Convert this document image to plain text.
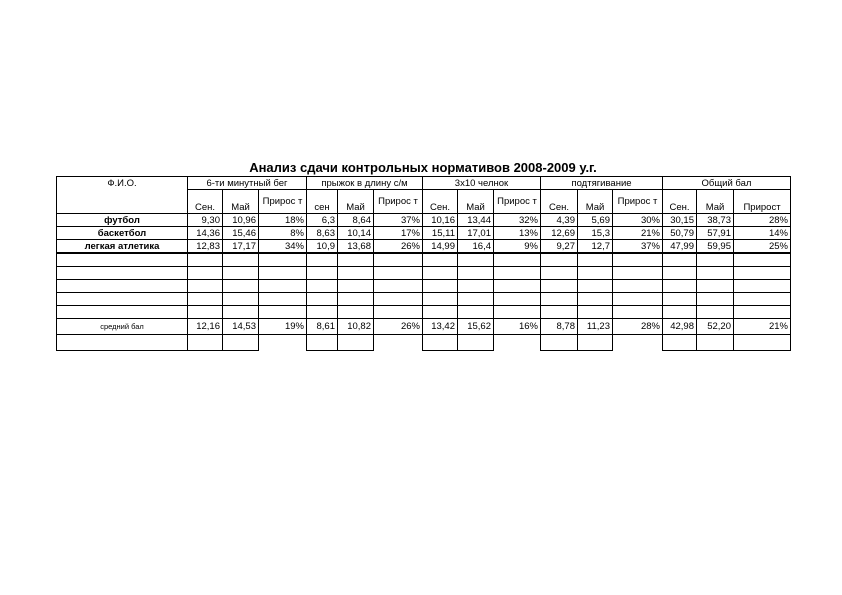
Анализ сдачи контрольных нормативов 2008-2009 у.г.
Ф.И.О.	6-ти минутный бег			прыжок в длину с/м			3х10 челнок			подтягивание			Общий бал		
	Сен.	Май	Прирос т	сен	Май	Прирос т	Сен.	Май	Прирос т	Сен.	Май	Прирос т	Сен.	Май	Прирост
футбол	9,30	10,96	18%	6,3	8,64	37%	10,16	13,44	32%	4,39	5,69	30%	30,15	38,73	28%
баскетбол	14,36	15,46	8%	8,63	10,14	17%	15,11	17,01	13%	12,69	15,3	21%	50,79	57,91	14%
легкая атлетика	12,83	17,17	34%	10,9	13,68	26%	14,99	16,4	9%	9,27	12,7	37%	47,99	59,95	25%

средний бал	12,16	14,53	19%	8,61	10,82	26%	13,42	15,62	16%	8,78	11,23	28%	42,98	52,20	21%
